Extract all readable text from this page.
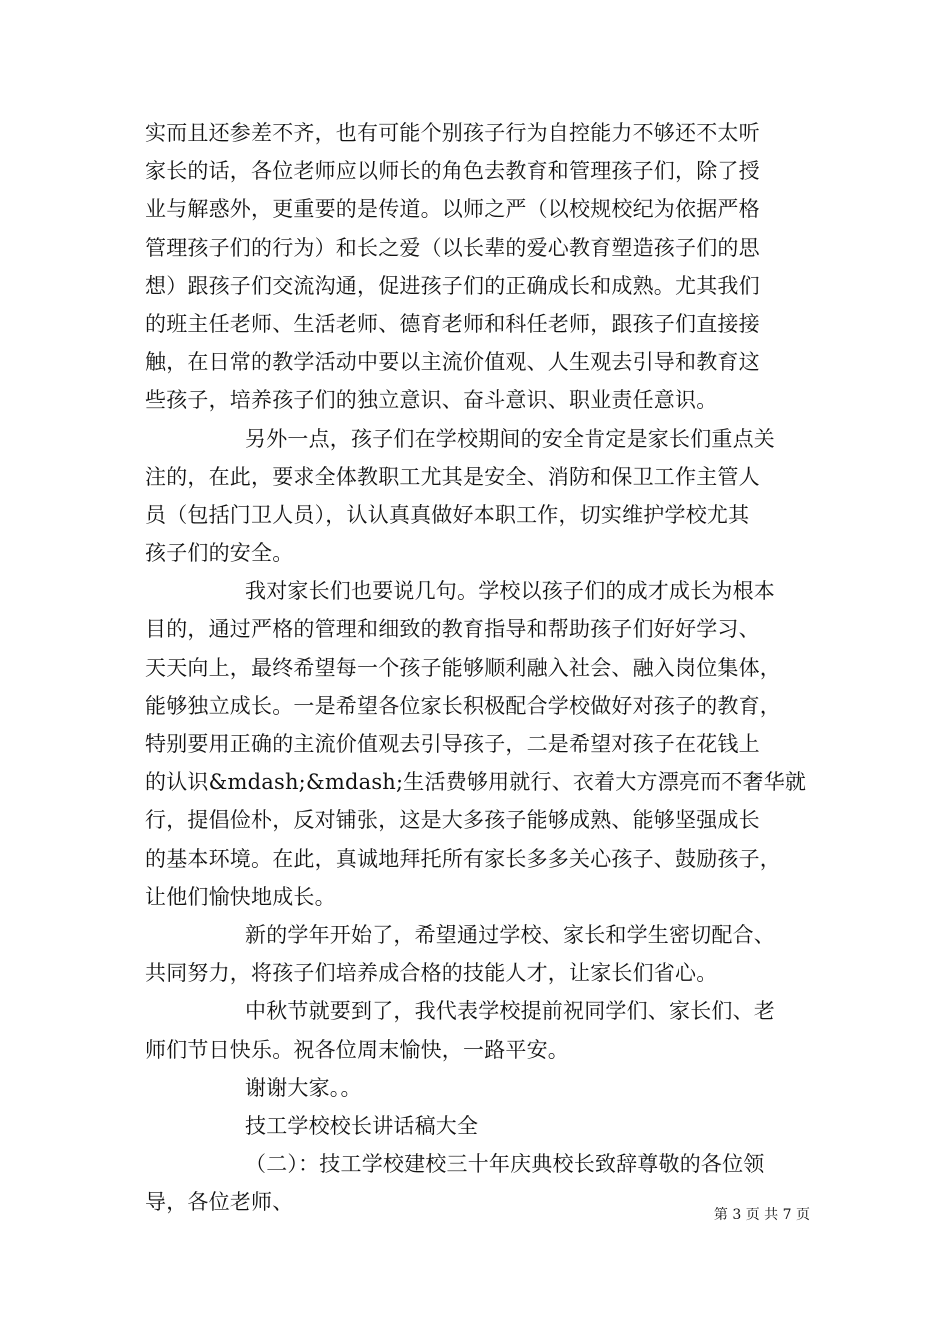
实而且还参差不齐，也有可能个别孩子行为自控能力不够还不太听
家长的话，各位老师应以师长的角色去教育和管理孩子们，除了授
业与解惑外，更重要的是传道。以师之严（以校规校纪为依据严格
管理孩子们的行为）和长之爱（以长辈的爱心教育塑造孩子们的思
想）跟孩子们交流沟通，促进孩子们的正确成长和成熟。尤其我们
的班主任老师、生活老师、德育老师和科任老师，跟孩子们直接接
触，在日常的教学活动中要以主流价值观、人生观去引导和教育这
些孩子，培养孩子们的独立意识、奋斗意识、职业责任意识。
另外一点，孩子们在学校期间的安全肯定是家长们重点关
注的，在此，要求全体教职工尤其是安全、消防和保卫工作主管人
员（包括门卫人员），认认真真做好本职工作，切实维护学校尤其
孩子们的安全。
我对家长们也要说几句。学校以孩子们的成才成长为根本
目的，通过严格的管理和细致的教育指导和帮助孩子们好好学习、
天天向上，最终希望每一个孩子能够顺利融入社会、融入岗位集体，
能够独立成长。一是希望各位家长积极配合学校做好对孩子的教育，
特别要用正确的主流价值观去引导孩子，二是希望对孩子在花钱上
的认识&mdash;&mdash;生活费够用就行、衣着大方漂亮而不奢华就
行，提倡俭朴，反对铺张，这是大多孩子能够成熟、能够坚强成长
的基本环境。在此，真诚地拜托所有家长多多关心孩子、鼓励孩子，
让他们愉快地成长。
新的学年开始了，希望通过学校、家长和学生密切配合、
共同努力，将孩子们培养成合格的技能人才，让家长们省心。
中秋节就要到了，我代表学校提前祝同学们、家长们、老
师们节日快乐。祝各位周末愉快，一路平安。
谢谢大家。。
技工学校校长讲话稿大全
（二）：技工学校建校三十年庆典校长致辞尊敬的各位领
导，各位老师、
第 3 页 共 7 页
